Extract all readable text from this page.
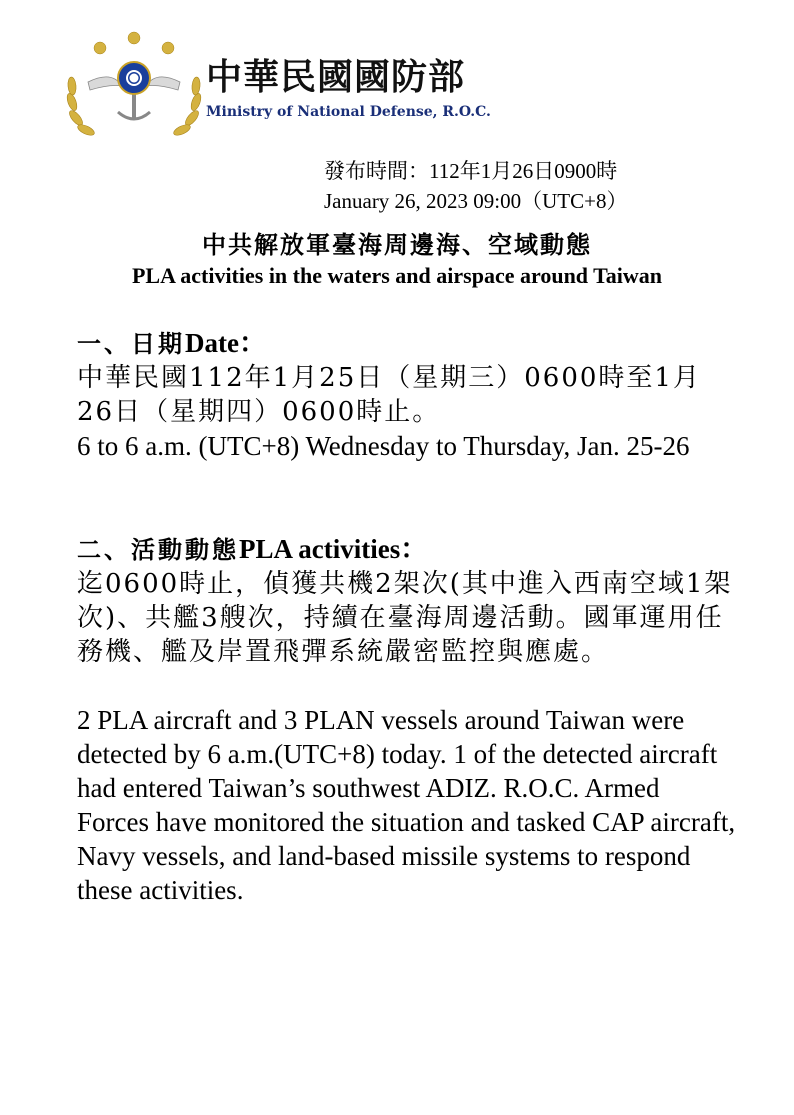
中華民國國防部
Ministry of National Defense, R.O.C.
發布時間：112年1月26日0900時
January 26, 2023 09:00（UTC+8）
中共解放軍臺海周邊海、空域動態
PLA activities in the waters and airspace around Taiwan

一、日期Date：

中華民國112年1月25日（星期三）0600時至1月26日（星期四）0600時止。

6 to 6 a.m. (UTC+8) Wednesday to Thursday, Jan. 25-26

二、活動動態PLA activities：

迄0600時止，偵獲共機2架次(其中進入西南空域1架次)、共艦3艘次，持續在臺海周邊活動。國軍運用任務機、艦及岸置飛彈系統嚴密監控與應處。

2 PLA aircraft and 3 PLAN vessels around Taiwan were detected by 6 a.m.(UTC+8) today. 1 of the detected aircraft had entered Taiwan’s southwest ADIZ. R.O.C. Armed Forces have monitored the situation and tasked CAP aircraft, Navy vessels, and land-based missile systems to respond these activities.
